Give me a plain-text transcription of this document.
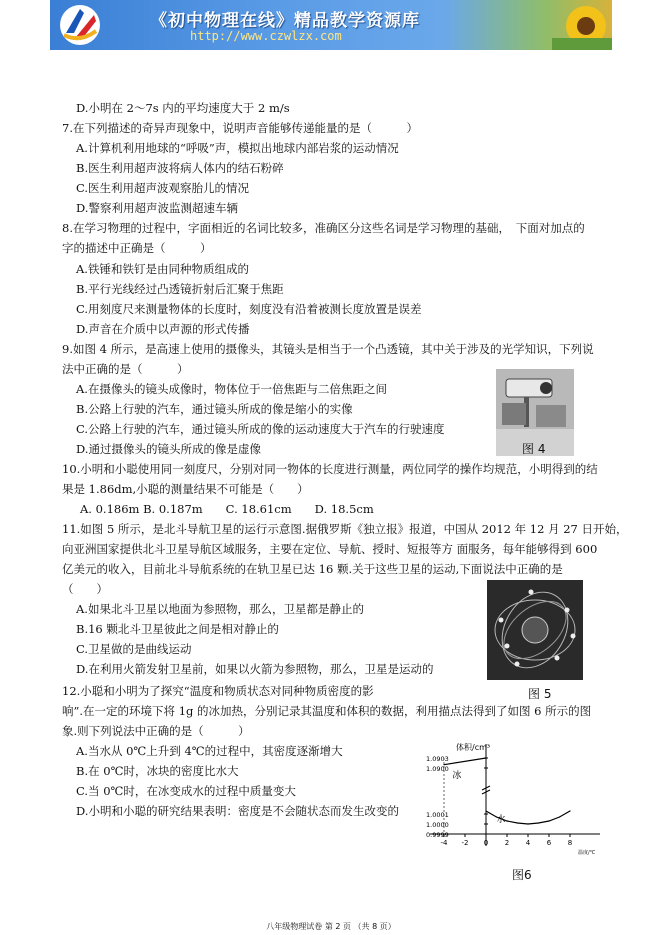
《初中物理在线》精品教学资源库
http://www.czwlzx.com
D.小明在 2～7s 内的平均速度大于 2 m/s
7.在下列描述的奇异声现象中，说明声音能够传递能量的是（　　　）
A.计算机利用地球的“呼吸”声，模拟出地球内部岩浆的运动情况
B.医生利用超声波将病人体内的结石粉碎
C.医生利用超声波观察胎儿的情况
D.警察利用超声波监测超速车辆
8.在学习物理的过程中，字面相近的名词比较多，准确区分这些名词是学习物理的基础，　下面对加点的
字的描述中正确是（　　　）
A.铁锤和铁钉是由同种物质组成的
B.平行光线经过凸透镜折射后汇聚于焦距
C.用刻度尺来测量物体的长度时，刻度没有沿着被测长度放置是误差
D.声音在介质中以声源的形式传播
9.如图 4 所示，是高速上使用的摄像头，其镜头是相当于一个凸透镜，其中关于涉及的光学知识，下列说
法中正确的是（　　　）
A.在摄像头的镜头成像时，物体位于一倍焦距与二倍焦距之间
B.公路上行驶的汽车，通过镜头所成的像是缩小的实像
C.公路上行驶的汽车，通过镜头所成的像的运动速度大于汽车的行驶速度
D.通过摄像头的镜头所成的像是虚像
10.小明和小聪使用同一刻度尺，分别对同一物体的长度进行测量，两位同学的操作均规范，小明得到的结
果是 1.86dm,小聪的测量结果不可能是（　　）
A. 0.186m B. 0.187m　　C. 18.61cm　　D. 18.5cm
11.如图 5 所示，是北斗导航卫星的运行示意图.据俄罗斯《独立报》报道，中国从 2012 年 12 月 27 日开始，
向亚洲国家提供北斗卫星导航区域服务，主要在定位、导航、授时、短报等方 面服务，每年能够得到 600
亿美元的收入，目前北斗导航系统的在轨卫星已达 16 颗.关于这些卫星的运动,下面说法中正确的是
（　　）
A.如果北斗卫星以地面为参照物，那么，卫星都是静止的
B.16 颗北斗卫星彼此之间是相对静止的
C.卫星做的是曲线运动
D.在利用火箭发射卫星前，如果以火箭为参照物，那么，卫星是运动的
12.小聪和小明为了探究“温度和物质状态对同种物质密度的影
响”.在一定的环境下将 1g 的冰加热，分别记录其温度和体积的数据，利用描点法得到了如图 6 所示的图
象.则下列说法中正确的是（　　　）
A.当水从 0℃上升到 4℃的过程中，其密度逐渐增大
B.在 0℃时，冰块的密度比水大
C.当 0℃时，在冰变成水的过程中质量变大
D.小明和小聪的研究结果表明：密度是不会随状态而发生改变的
图 4
图 5
体积/cm³
温度/℃
-4 -2 0 2 4 6 8
1.0903
1.0900
1.0001
1.0000
0.9999
冰
水
图6
八年级物理试卷 第 2 页 （共 8 页）
